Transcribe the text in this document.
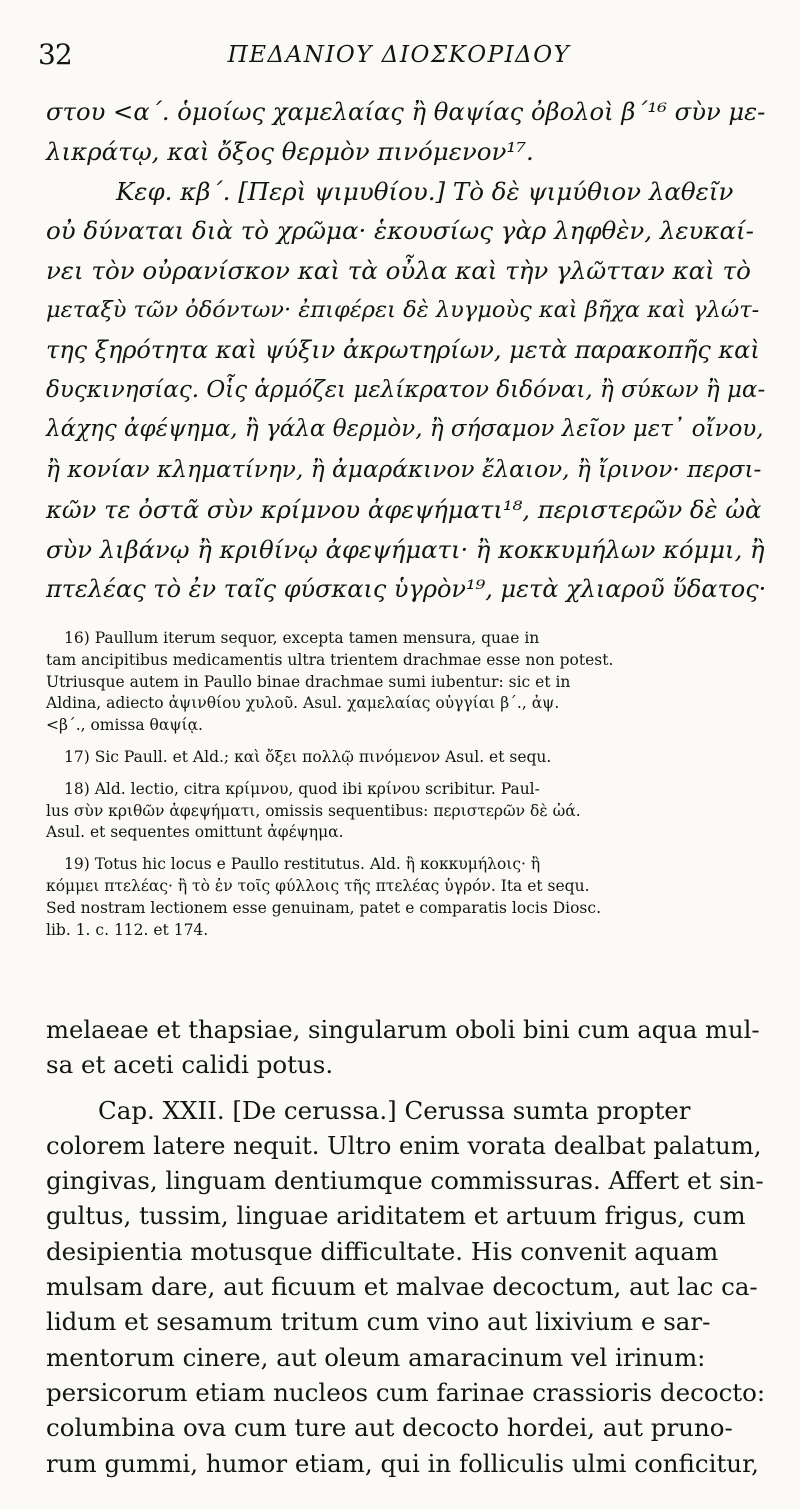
32	ΠΕΔΑΝΙΟΥ ΔΙΟΣΚΟΡΙΔΟΥ

στου <α΄. ὁμοίως χαμελαίας ἢ θαψίας ὀβολοὶ β΄¹⁶ σὺν με-

λικράτῳ, καὶ ὄξος θερμὸν πινόμενον¹⁷.

Κεφ. κβ΄. [Περὶ ψιμυθίου.] Τὸ δὲ ψιμύθιον λαθεῖν

οὐ δύναται διὰ τὸ χρῶμα· ἑκουσίως γὰρ ληφθὲν, λευκαί-

νει τὸν οὐρανίσκον καὶ τὰ οὖλα καὶ τὴν γλῶτταν καὶ τὸ

μεταξὺ τῶν ὀδόντων· ἐπιφέρει δὲ λυγμοὺς καὶ βῆχα καὶ γλώτ-

της ξηρότητα καὶ ψύξιν ἀκρωτηρίων, μετὰ παρακοπῆς καὶ

δυςκινησίας. Οἷς ἁρμόζει μελίκρατον διδόναι, ἢ σύκων ἢ μα-

λάχης ἀφέψημα, ἢ γάλα θερμὸν, ἢ σήσαμον λεῖον μετ᾽ οἴνου,

ἢ κονίαν κληματίνην, ἢ ἀμαράκινον ἔλαιον, ἢ ἴρινον· περσι-

κῶν τε ὀστᾶ σὺν κρίμνου ἀφεψήματι¹⁸, περιστερῶν δὲ ὠὰ

σὺν λιβάνῳ ἢ κριθίνῳ ἀφεψήματι· ἢ κοκκυμήλων κόμμι, ἢ

πτελέας τὸ ἐν ταῖς φύσκαις ὑγρὸν¹⁹, μετὰ χλιαροῦ ὕδατος·

16) Paullum iterum sequor, excepta tamen mensura, quae in

tam ancipitibus medicamentis ultra trientem drachmae esse non potest.

Utriusque autem in Paullo binae drachmae sumi iubentur: sic et in

Aldina, adiecto ἀψινθίου χυλοῦ. Asul. χαμελαίας οὐγγίαι β΄., ἀψ.

<β΄., omissa θαψίᾳ.

17) Sic Paull. et Ald.; καὶ ὄξει πολλῷ πινόμενον Asul. et sequ.

18) Ald. lectio, citra κρίμνου, quod ibi κρίνου scribitur. Paul-

lus σὺν κριθῶν ἀφεψήματι, omissis sequentibus: περιστερῶν δὲ ὠά.

Asul. et sequentes omittunt ἀφέψημα.

19) Totus hic locus e Paullo restitutus. Ald. ἢ κοκκυμήλοις· ἢ

κόμμει πτελέας· ἢ τὸ ἐν τοῖς φύλλοις τῆς πτελέας ὑγρόν. Ita et sequ.

Sed nostram lectionem esse genuinam, patet e comparatis locis Diosc.

lib. 1. c. 112. et 174.

melaeae et thapsiae, singularum oboli bini cum aqua mul-

sa et aceti calidi potus.

Cap. XXII. [De cerussa.] Cerussa sumta propter

colorem latere nequit. Ultro enim vorata dealbat palatum,

gingivas, linguam dentiumque commissuras. Affert et sin-

gultus, tussim, linguae ariditatem et artuum frigus, cum

desipientia motusque difficultate. His convenit aquam

mulsam dare, aut ficuum et malvae decoctum, aut lac ca-

lidum et sesamum tritum cum vino aut lixivium e sar-

mentorum cinere, aut oleum amaracinum vel irinum:

persicorum etiam nucleos cum farinae crassioris decocto:

columbina ova cum ture aut decocto hordei, aut pruno-

rum gummi, humor etiam, qui in folliculis ulmi conficitur,
